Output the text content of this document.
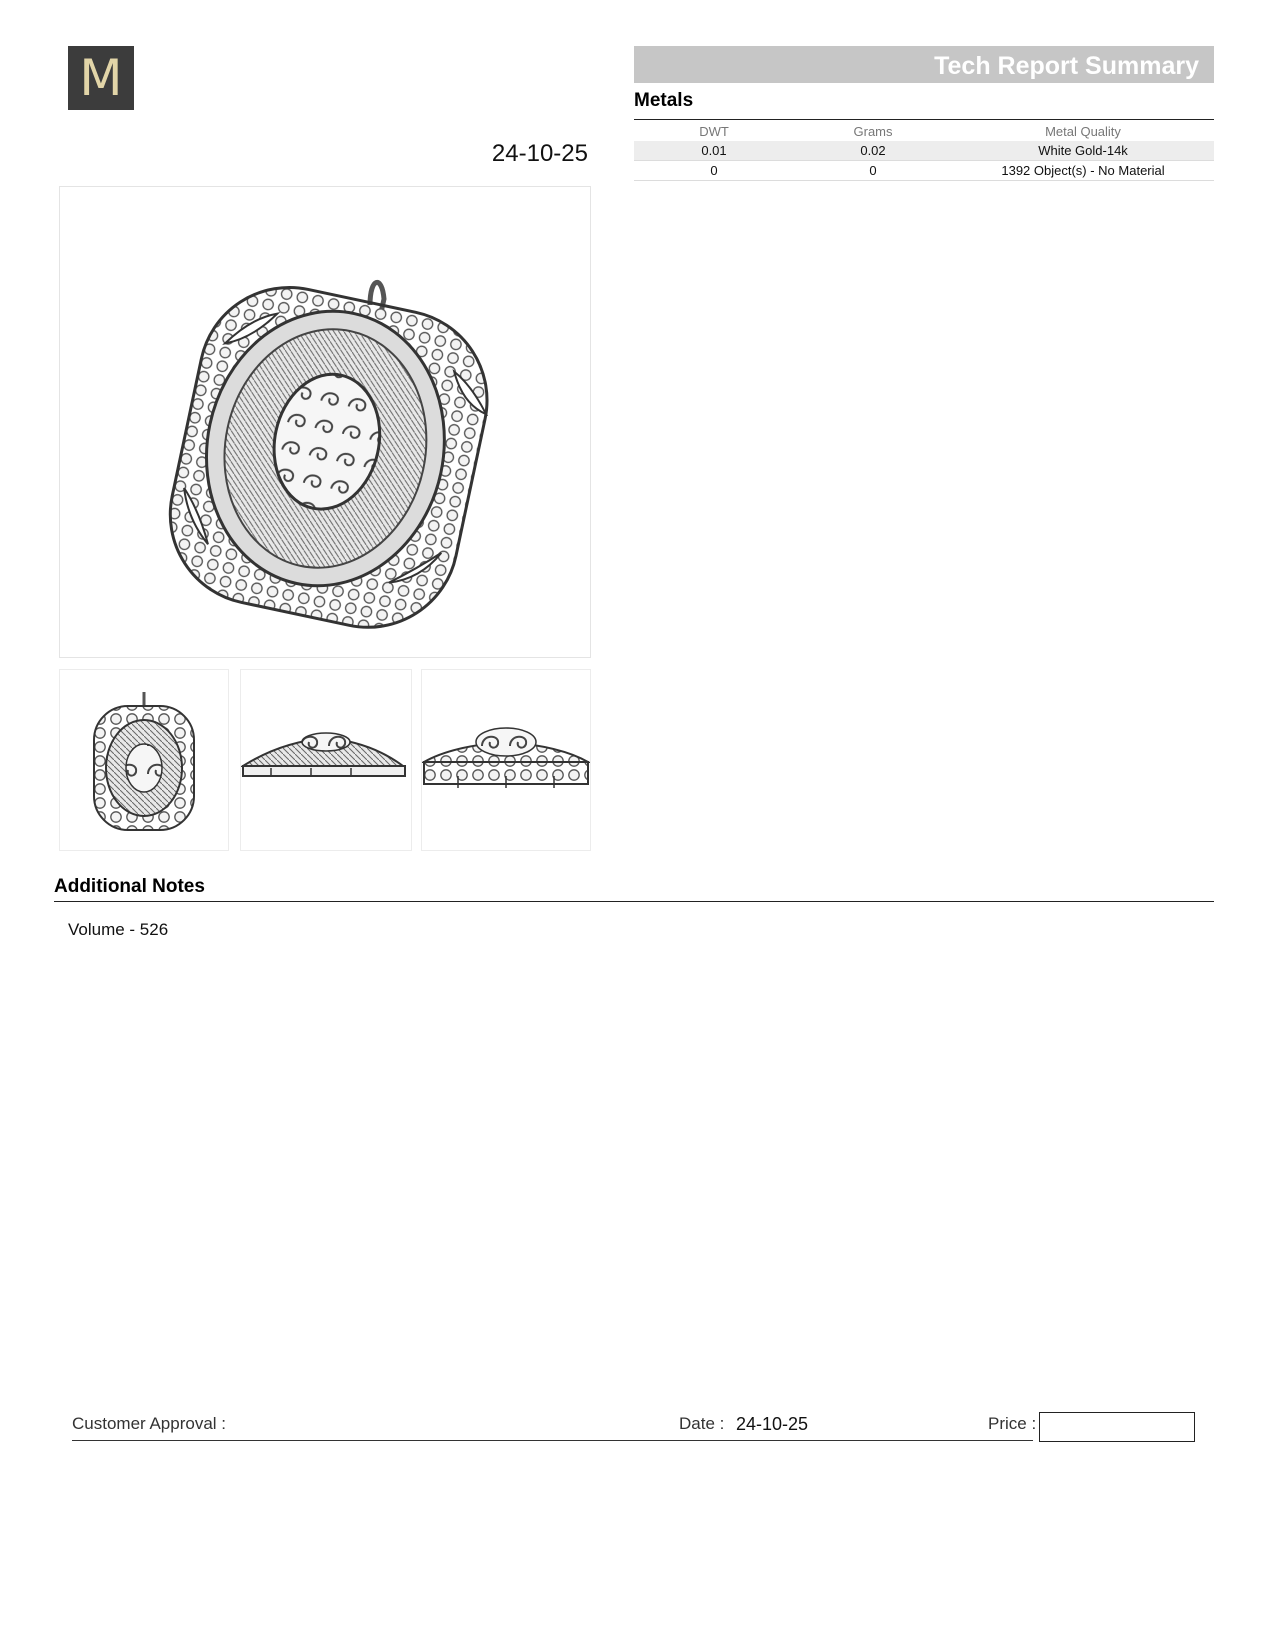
M
24-10-25
Tech Report Summary
Metals
DWT	Grams	Metal Quality
0.01	0.02	White Gold-14k
0	0	1392 Object(s) - No Material
Additional Notes
Volume - 526
Customer Approval :	Date : 24-10-25	Price :
